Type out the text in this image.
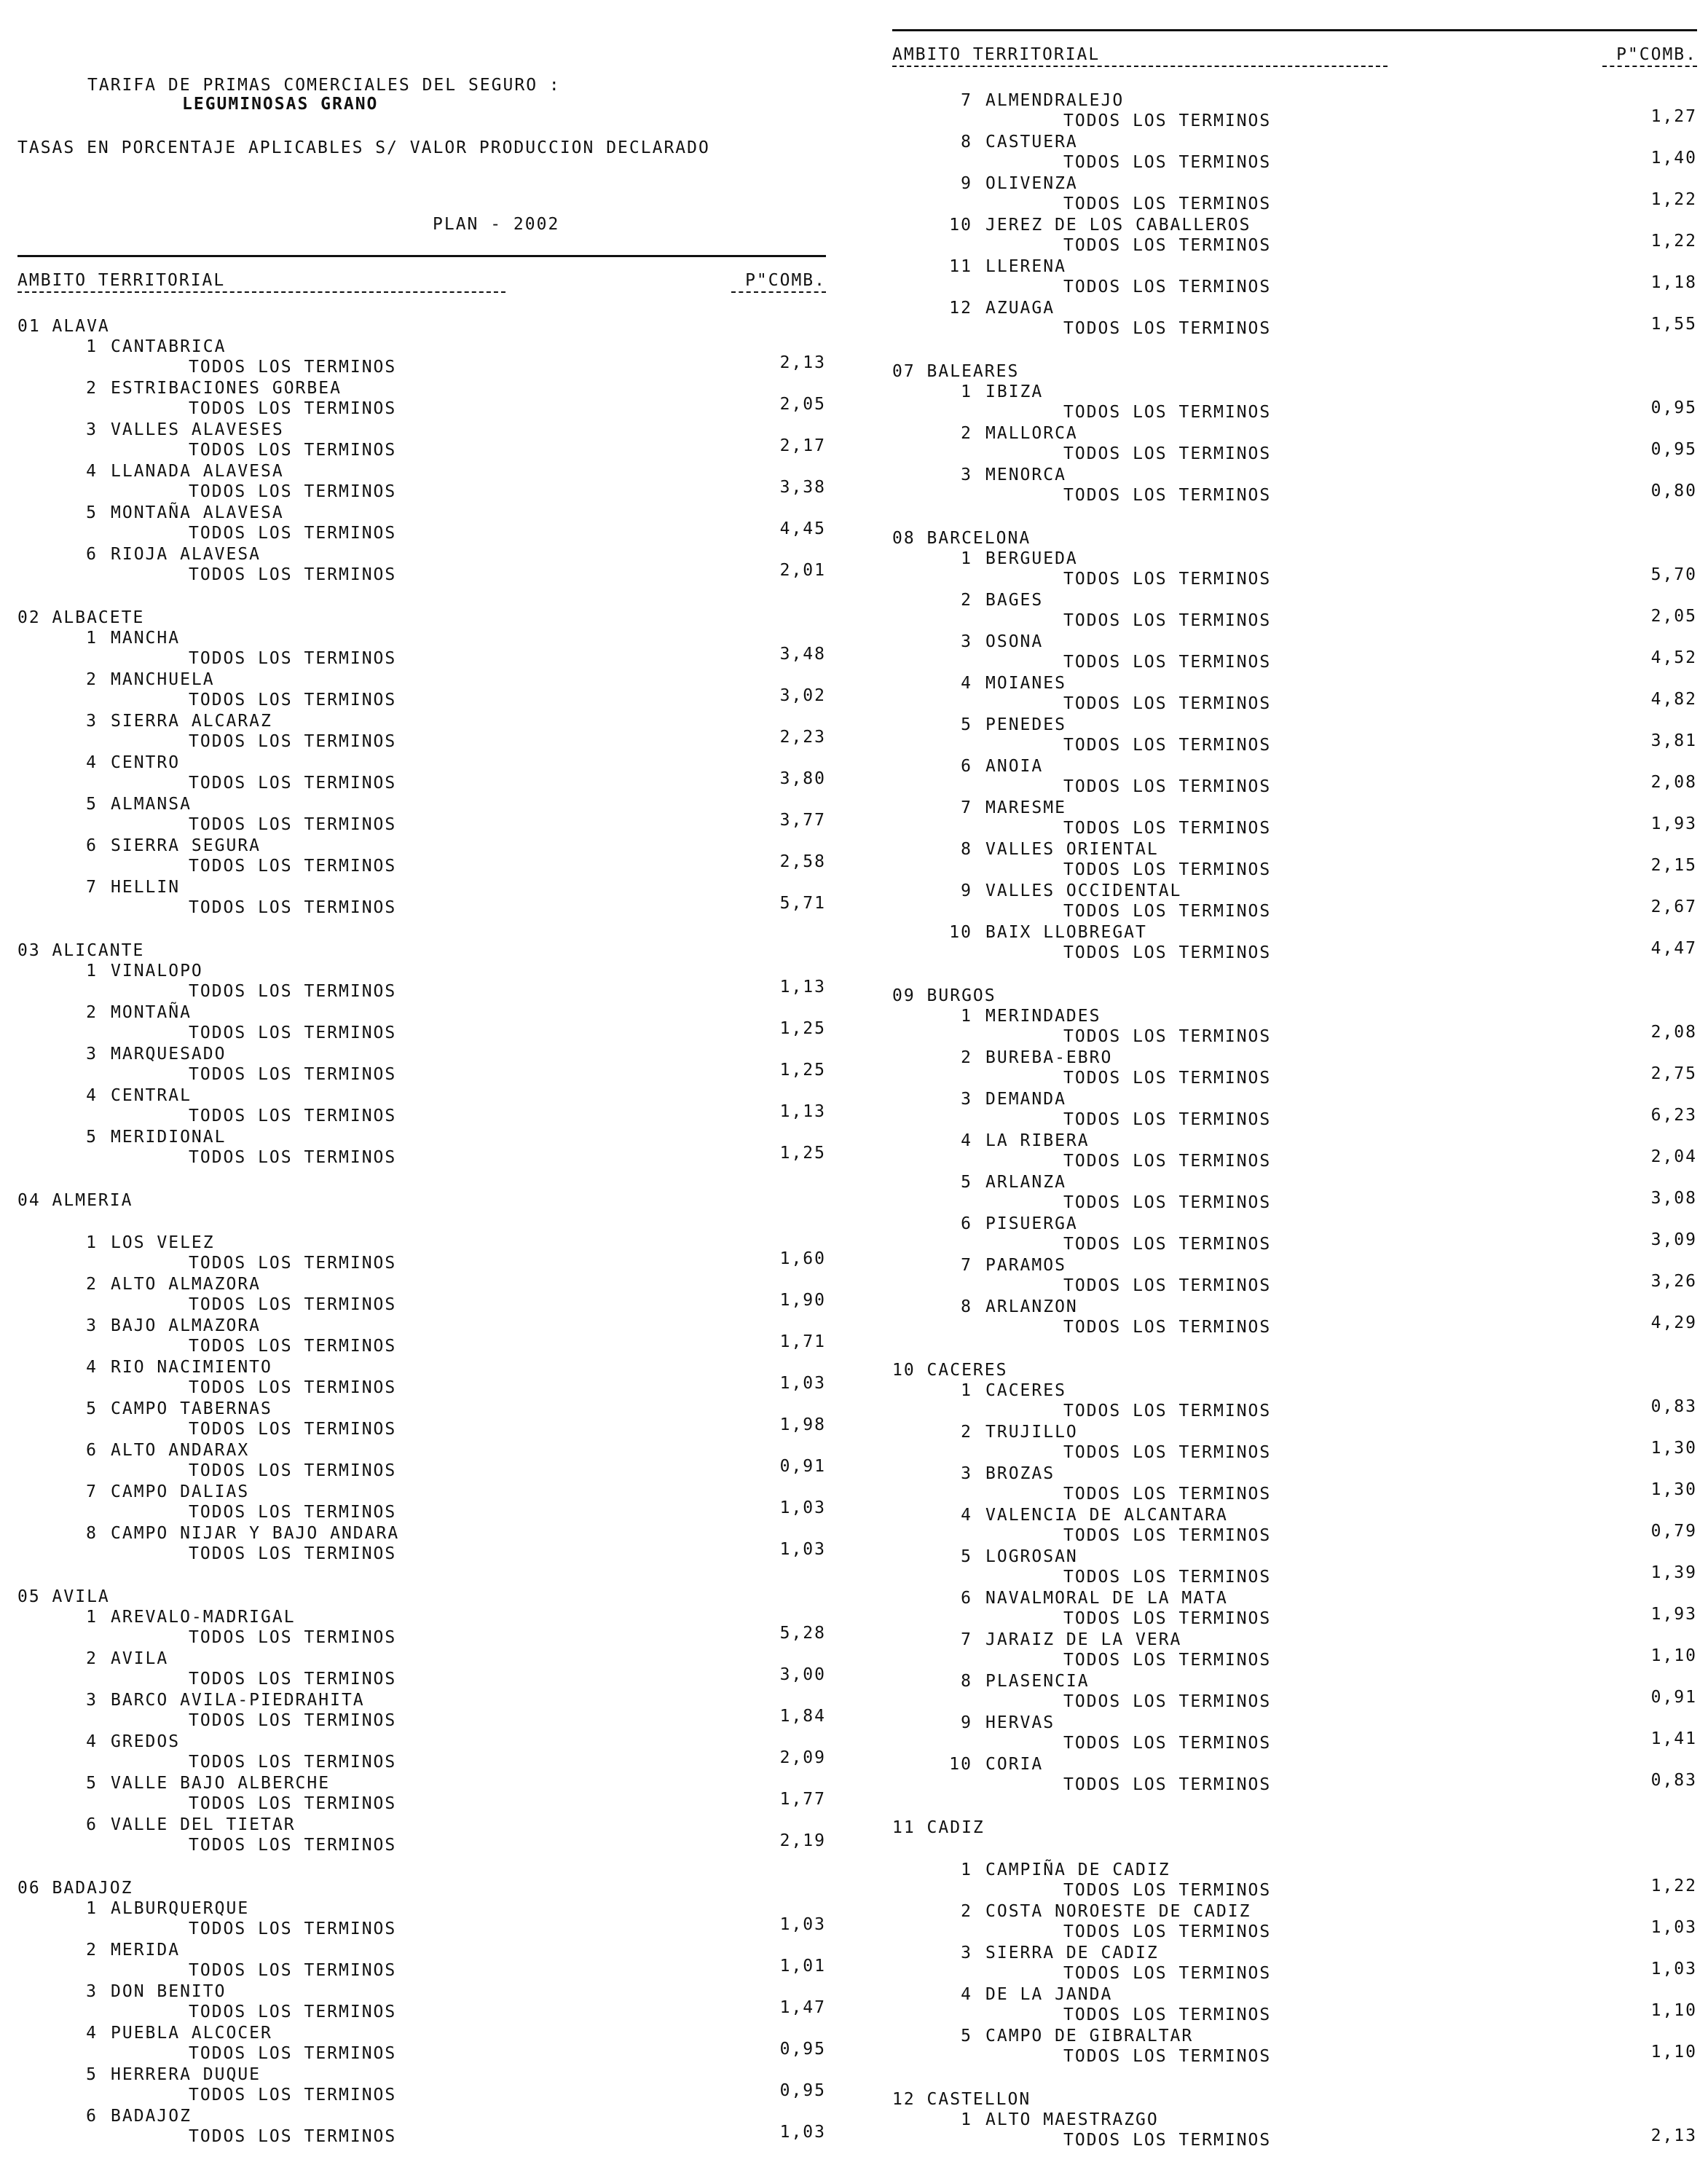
TARIFA DE PRIMAS COMERCIALES DEL SEGURO :
LEGUMINOSAS GRANO
TASAS EN PORCENTAJE APLICABLES S/ VALOR PRODUCCION DECLARADO
PLAN - 2002
AMBITO TERRITORIAL	P"COMB.
01 ALAVA
1 CANTABRICA
TODOS LOS TERMINOS	2,13
2 ESTRIBACIONES GORBEA
TODOS LOS TERMINOS	2,05
3 VALLES ALAVESES
TODOS LOS TERMINOS	2,17
4 LLANADA ALAVESA
TODOS LOS TERMINOS	3,38
5 MONTAÑA ALAVESA
TODOS LOS TERMINOS	4,45
6 RIOJA ALAVESA
TODOS LOS TERMINOS	2,01
02 ALBACETE
1 MANCHA
TODOS LOS TERMINOS	3,48
2 MANCHUELA
TODOS LOS TERMINOS	3,02
3 SIERRA ALCARAZ
TODOS LOS TERMINOS	2,23
4 CENTRO
TODOS LOS TERMINOS	3,80
5 ALMANSA
TODOS LOS TERMINOS	3,77
6 SIERRA SEGURA
TODOS LOS TERMINOS	2,58
7 HELLIN
TODOS LOS TERMINOS	5,71
03 ALICANTE
1 VINALOPO
TODOS LOS TERMINOS	1,13
2 MONTAÑA
TODOS LOS TERMINOS	1,25
3 MARQUESADO
TODOS LOS TERMINOS	1,25
4 CENTRAL
TODOS LOS TERMINOS	1,13
5 MERIDIONAL
TODOS LOS TERMINOS	1,25
04 ALMERIA
1 LOS VELEZ
TODOS LOS TERMINOS	1,60
2 ALTO ALMAZORA
TODOS LOS TERMINOS	1,90
3 BAJO ALMAZORA
TODOS LOS TERMINOS	1,71
4 RIO NACIMIENTO
TODOS LOS TERMINOS	1,03
5 CAMPO TABERNAS
TODOS LOS TERMINOS	1,98
6 ALTO ANDARAX
TODOS LOS TERMINOS	0,91
7 CAMPO DALIAS
TODOS LOS TERMINOS	1,03
8 CAMPO NIJAR Y BAJO ANDARA
TODOS LOS TERMINOS	1,03
05 AVILA
1 AREVALO-MADRIGAL
TODOS LOS TERMINOS	5,28
2 AVILA
TODOS LOS TERMINOS	3,00
3 BARCO AVILA-PIEDRAHITA
TODOS LOS TERMINOS	1,84
4 GREDOS
TODOS LOS TERMINOS	2,09
5 VALLE BAJO ALBERCHE
TODOS LOS TERMINOS	1,77
6 VALLE DEL TIETAR
TODOS LOS TERMINOS	2,19
06 BADAJOZ
1 ALBURQUERQUE
TODOS LOS TERMINOS	1,03
2 MERIDA
TODOS LOS TERMINOS	1,01
3 DON BENITO
TODOS LOS TERMINOS	1,47
4 PUEBLA ALCOCER
TODOS LOS TERMINOS	0,95
5 HERRERA DUQUE
TODOS LOS TERMINOS	0,95
6 BADAJOZ
TODOS LOS TERMINOS	1,03
AMBITO TERRITORIAL	P"COMB.
7 ALMENDRALEJO
TODOS LOS TERMINOS	1,27
8 CASTUERA
TODOS LOS TERMINOS	1,40
9 OLIVENZA
TODOS LOS TERMINOS	1,22
10 JEREZ DE LOS CABALLEROS
TODOS LOS TERMINOS	1,22
11 LLERENA
TODOS LOS TERMINOS	1,18
12 AZUAGA
TODOS LOS TERMINOS	1,55
07 BALEARES
1 IBIZA
TODOS LOS TERMINOS	0,95
2 MALLORCA
TODOS LOS TERMINOS	0,95
3 MENORCA
TODOS LOS TERMINOS	0,80
08 BARCELONA
1 BERGUEDA
TODOS LOS TERMINOS	5,70
2 BAGES
TODOS LOS TERMINOS	2,05
3 OSONA
TODOS LOS TERMINOS	4,52
4 MOIANES
TODOS LOS TERMINOS	4,82
5 PENEDES
TODOS LOS TERMINOS	3,81
6 ANOIA
TODOS LOS TERMINOS	2,08
7 MARESME
TODOS LOS TERMINOS	1,93
8 VALLES ORIENTAL
TODOS LOS TERMINOS	2,15
9 VALLES OCCIDENTAL
TODOS LOS TERMINOS	2,67
10 BAIX LLOBREGAT
TODOS LOS TERMINOS	4,47
09 BURGOS
1 MERINDADES
TODOS LOS TERMINOS	2,08
2 BUREBA-EBRO
TODOS LOS TERMINOS	2,75
3 DEMANDA
TODOS LOS TERMINOS	6,23
4 LA RIBERA
TODOS LOS TERMINOS	2,04
5 ARLANZA
TODOS LOS TERMINOS	3,08
6 PISUERGA
TODOS LOS TERMINOS	3,09
7 PARAMOS
TODOS LOS TERMINOS	3,26
8 ARLANZON
TODOS LOS TERMINOS	4,29
10 CACERES
1 CACERES
TODOS LOS TERMINOS	0,83
2 TRUJILLO
TODOS LOS TERMINOS	1,30
3 BROZAS
TODOS LOS TERMINOS	1,30
4 VALENCIA DE ALCANTARA
TODOS LOS TERMINOS	0,79
5 LOGROSAN
TODOS LOS TERMINOS	1,39
6 NAVALMORAL DE LA MATA
TODOS LOS TERMINOS	1,93
7 JARAIZ DE LA VERA
TODOS LOS TERMINOS	1,10
8 PLASENCIA
TODOS LOS TERMINOS	0,91
9 HERVAS
TODOS LOS TERMINOS	1,41
10 CORIA
TODOS LOS TERMINOS	0,83
11 CADIZ
1 CAMPIÑA DE CADIZ
TODOS LOS TERMINOS	1,22
2 COSTA NOROESTE DE CADIZ
TODOS LOS TERMINOS	1,03
3 SIERRA DE CADIZ
TODOS LOS TERMINOS	1,03
4 DE LA JANDA
TODOS LOS TERMINOS	1,10
5 CAMPO DE GIBRALTAR
TODOS LOS TERMINOS	1,10
12 CASTELLON
1 ALTO MAESTRAZGO
TODOS LOS TERMINOS	2,13
